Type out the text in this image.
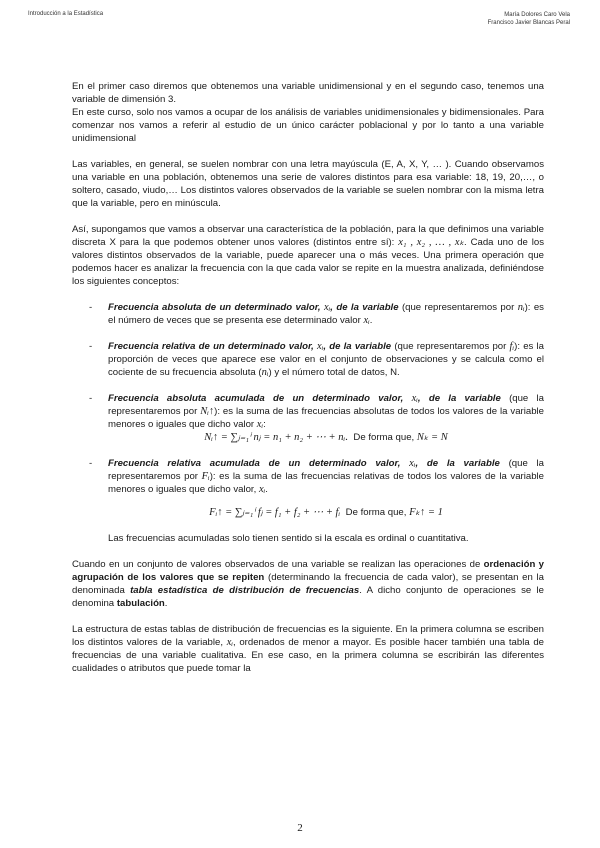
Introducción a la Estadística	María Dolores Caro Vela
Francisco Javier Blancas Peral

En el primer caso diremos que obtenemos una variable unidimensional y en el segundo caso, tenemos una variable de dimensión 3.

En este curso, solo nos vamos a ocupar de los análisis de variables unidimensionales y bidimensionales. Para comenzar nos vamos a referir al estudio de un único carácter poblacional y por lo tanto a una variable unidimensional

Las variables, en general, se suelen nombrar con una letra mayúscula (E, A, X, Y, … ). Cuando observamos una variable en una población, obtenemos una serie de valores distintos para esa variable: 18, 19, 20,…, o soltero, casado, viudo,… Los distintos valores observados de la variable se suelen nombrar con la misma letra que la variable, pero en minúscula.

Así, supongamos que vamos a observar una característica de la población, para la que definimos una variable discreta X para la que podemos obtener unos valores (distintos entre sí): x₁ , x₂ , … , xₖ. Cada uno de los valores distintos observados de la variable, puede aparecer una o más veces. Una primera operación que podemos hacer es analizar la frecuencia con la que cada valor se repite en la muestra analizada, definiéndose los siguientes conceptos:

- Frecuencia absoluta de un determinado valor, xᵢ, de la variable (que representaremos por nᵢ): es el número de veces que se presenta ese determinado valor xᵢ.
- Frecuencia relativa de un determinado valor, xᵢ, de la variable (que representaremos por fᵢ): es la proporción de veces que aparece ese valor en el conjunto de observaciones y se calcula como el cociente de su frecuencia absoluta (nᵢ) y el número total de datos, N.
- Frecuencia absoluta acumulada de un determinado valor, xᵢ, de la variable (que la representaremos por Nᵢ↑): es la suma de las frecuencias absolutas de todos los valores de la variable menores o iguales que dicho valor xᵢ:
Nᵢ↑ = ∑ⱼ₌₁ⁱ nⱼ = n₁ + n₂ + ⋯ + nᵢ.  De forma que, Nₖ = N
- Frecuencia relativa acumulada de un determinado valor, xᵢ, de la variable (que la representaremos por Fᵢ): es la suma de las frecuencias relativas de todos los valores de la variable menores o iguales que dicho valor, xᵢ.
Fᵢ↑ = ∑ⱼ₌₁ⁱ fⱼ = f₁ + f₂ + ⋯ + fᵢ De forma que, Fₖ↑ = 1

Las frecuencias acumuladas solo tienen sentido si la escala es ordinal o cuantitativa.

Cuando en un conjunto de valores observados de una variable se realizan las operaciones de ordenación y agrupación de los valores que se repiten (determinando la frecuencia de cada valor), se presentan en la denominada tabla estadística de distribución de frecuencias. A dicho conjunto de operaciones se le denomina tabulación.

La estructura de estas tablas de distribución de frecuencias es la siguiente. En la primera columna se escriben los distintos valores de la variable, xᵢ, ordenados de menor a mayor. Es posible hacer también una tabla de frecuencias de una variable cualitativa. En ese caso, en la primera columna se escribirán las diferentes cualidades o atributos que puede tomar la

2
